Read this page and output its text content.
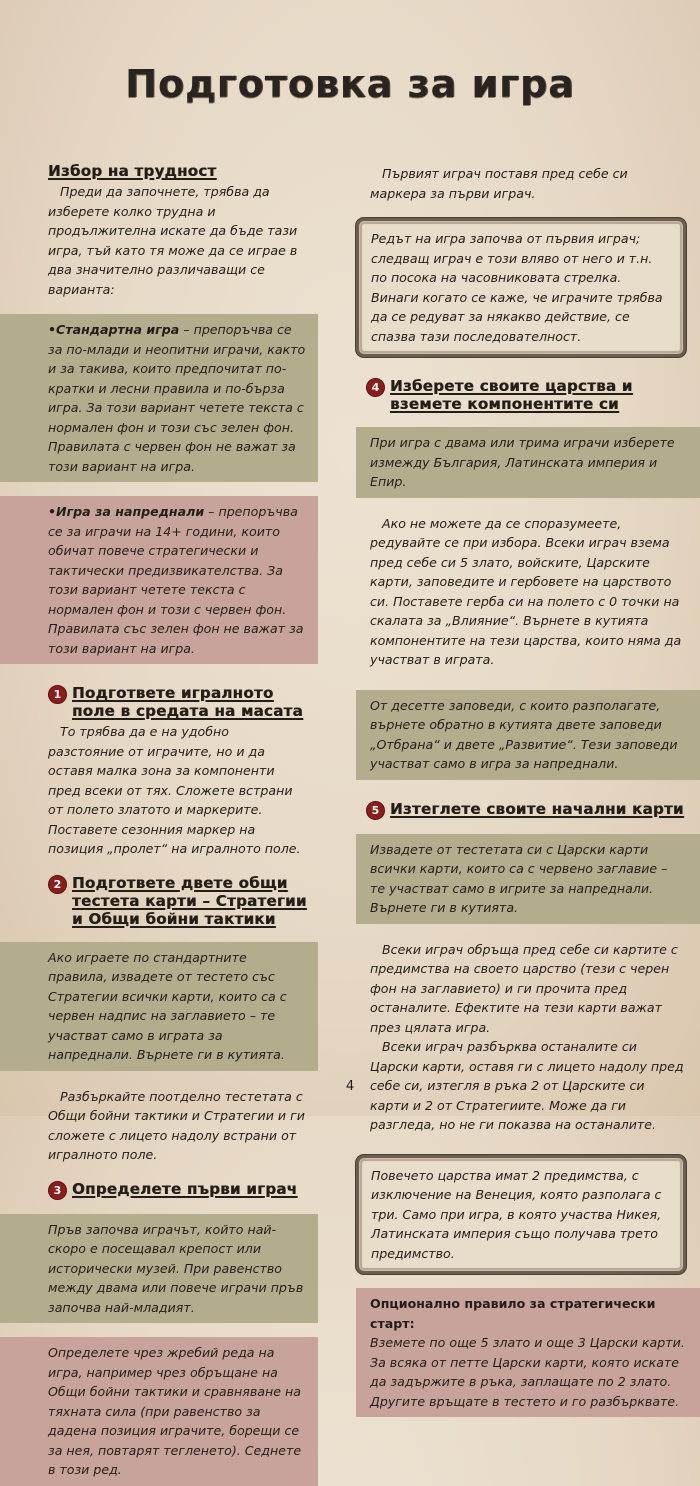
Подготовка за игра
Избор на трудност

Преди да започнете, трябва да изберете колко трудна и продължителна искате да бъде тази игра, тъй като тя може да се играе в два значително различаващи се варианта:

•Стандартна игра – препоръчва се за по-млади и неопитни играчи, както и за такива, които предпочитат по-кратки и лесни правила и по-бърза игра. За този вариант четете текста с нормален фон и този със зелен фон. Правилата с червен фон не важат за този вариант на игра.

•Игра за напреднали – препоръчва се за играчи на 14+ години, които обичат повече стратегически и тактически предизвикателства. За този вариант четете текста с нормален фон и този с червен фон. Правилата със зелен фон не важат за този вариант на игра.

1 Подгответе игралното поле в средата на масата

То трябва да е на удобно разстояние от играчите, но и да оставя малка зона за компоненти пред всеки от тях. Сложете встрани от полето златото и маркерите. Поставете сезонния маркер на позиция „пролет“ на игралното поле.

2 Подгответе двете общи тестета карти – Стратегии и Общи бойни тактики

Ако играете по стандартните правила, извадете от тестето със Стратегии всички карти, които са с червен надпис на заглавието – те участват само в играта за напреднали. Върнете ги в кутията.

Разбъркайте поотделно тестетата с Общи бойни тактики и Стратегии и ги сложете с лицето надолу встрани от игралното поле.

3 Определете първи играч

Пръв започва играчът, който най-скоро е посещавал крепост или исторически музей. При равенство между двама или повече играчи пръв започва най-младият.

Определете чрез жребий реда на игра, например чрез обръщане на Общи бойни тактики и сравняване на тяхната сила (при равенство за дадена позиция играчите, борещи се за нея, повтарят тегленето). Седнете в този ред.

Първият играч поставя пред себе си маркера за първи играч.

Редът на игра започва от първия играч; следващ играч е този вляво от него и т.н. по посока на часовниковата стрелка. Винаги когато се каже, че играчите трябва да се редуват за някакво действие, се спазва тази последователност.
4 Изберете своите царства и вземете компонентите си

При игра с двама или трима играчи изберете измежду България, Латинската империя и Епир.

Ако не можете да се споразумеете, редувайте се при избора. Всеки играч взема пред себе си 5 злато, войските, Царските карти, заповедите и гербовете на царството си. Поставете герба си на полето с 0 точки на скалата за „Влияние“. Върнете в кутията компонентите на тези царства, които няма да участват в играта.

От десетте заповеди, с които разполагате, върнете обратно в кутията двете заповеди „Отбрана“ и двете „Развитие“. Тези заповеди участват само в игра за напреднали.

5 Изтеглете своите начални карти

Извадете от тестетата си с Царски карти всички карти, които са с червено заглавие – те участват само в игрите за напреднали. Върнете ги в кутията.

Всеки играч обръща пред себе си картите с предимства на своето царство (тези с черен фон на заглавието) и ги прочита пред останалите. Ефектите на тези карти важат през цялата игра.

Всеки играч разбърква останалите си Царски карти, оставя ги с лицето надолу пред себе си, изтегля в ръка 2 от Царските си карти и 2 от Стратегиите. Може да ги разгледа, но не ги показва на останалите.

Повечето царства имат 2 предимства, с изключение на Венеция, която разполага с три. Само при игра, в която участва Никея, Латинската империя също получава трето предимство.

Опционално правило за стратегически старт:

Вземете по още 5 злато и още 3 Царски карти. За всяка от петте Царски карти, която искате да задържите в ръка, заплащате по 2 злато. Другите връщате в тестето и го разбърквате.

4
